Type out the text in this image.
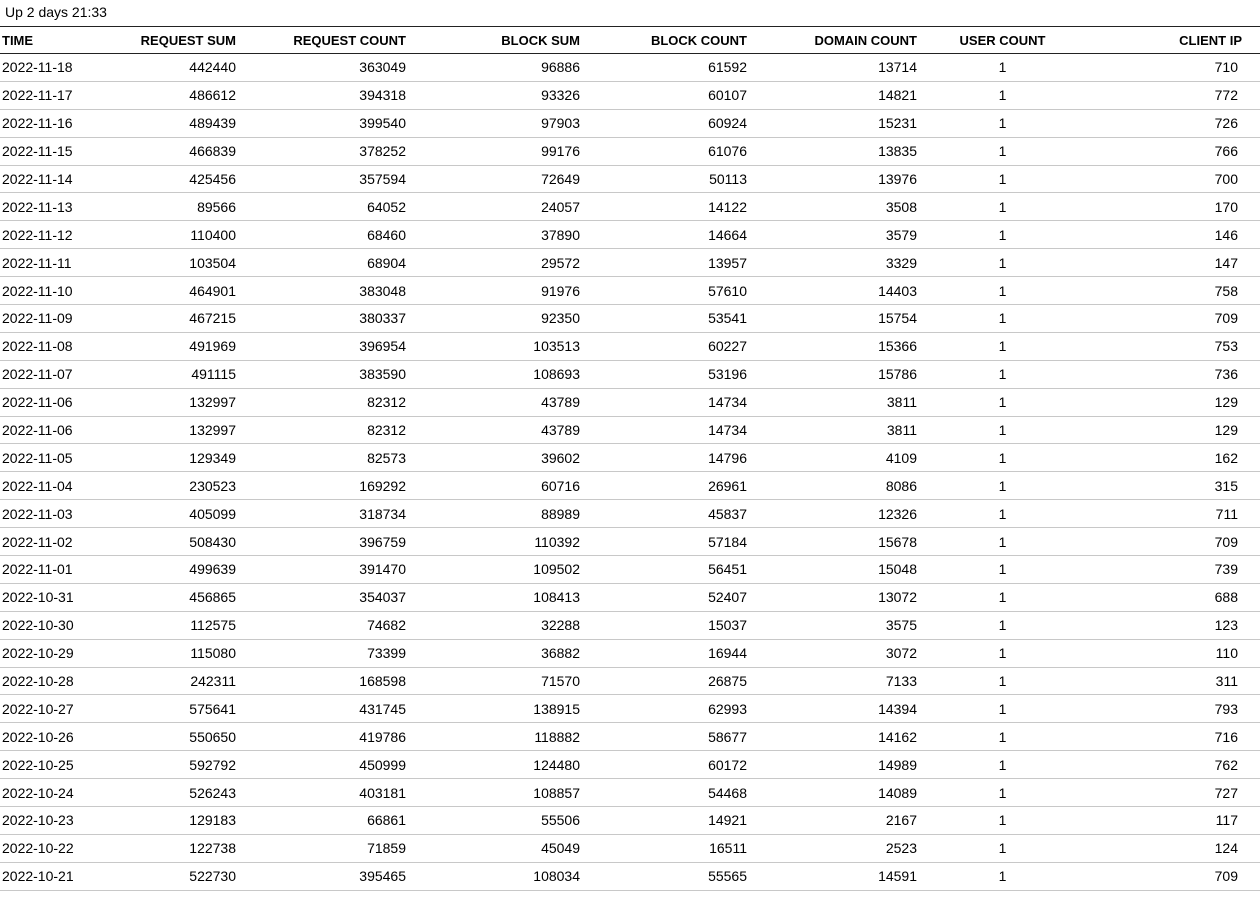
Up 2 days 21:33
TIME	REQUEST SUM	REQUEST COUNT	BLOCK SUM	BLOCK COUNT	DOMAIN COUNT	USER COUNT	CLIENT IP
2022-11-18	442440	363049	96886	61592	13714	1	710
2022-11-17	486612	394318	93326	60107	14821	1	772
2022-11-16	489439	399540	97903	60924	15231	1	726
2022-11-15	466839	378252	99176	61076	13835	1	766
2022-11-14	425456	357594	72649	50113	13976	1	700
2022-11-13	89566	64052	24057	14122	3508	1	170
2022-11-12	110400	68460	37890	14664	3579	1	146
2022-11-11	103504	68904	29572	13957	3329	1	147
2022-11-10	464901	383048	91976	57610	14403	1	758
2022-11-09	467215	380337	92350	53541	15754	1	709
2022-11-08	491969	396954	103513	60227	15366	1	753
2022-11-07	491115	383590	108693	53196	15786	1	736
2022-11-06	132997	82312	43789	14734	3811	1	129
2022-11-06	132997	82312	43789	14734	3811	1	129
2022-11-05	129349	82573	39602	14796	4109	1	162
2022-11-04	230523	169292	60716	26961	8086	1	315
2022-11-03	405099	318734	88989	45837	12326	1	711
2022-11-02	508430	396759	110392	57184	15678	1	709
2022-11-01	499639	391470	109502	56451	15048	1	739
2022-10-31	456865	354037	108413	52407	13072	1	688
2022-10-30	112575	74682	32288	15037	3575	1	123
2022-10-29	115080	73399	36882	16944	3072	1	110
2022-10-28	242311	168598	71570	26875	7133	1	311
2022-10-27	575641	431745	138915	62993	14394	1	793
2022-10-26	550650	419786	118882	58677	14162	1	716
2022-10-25	592792	450999	124480	60172	14989	1	762
2022-10-24	526243	403181	108857	54468	14089	1	727
2022-10-23	129183	66861	55506	14921	2167	1	117
2022-10-22	122738	71859	45049	16511	2523	1	124
2022-10-21	522730	395465	108034	55565	14591	1	709
